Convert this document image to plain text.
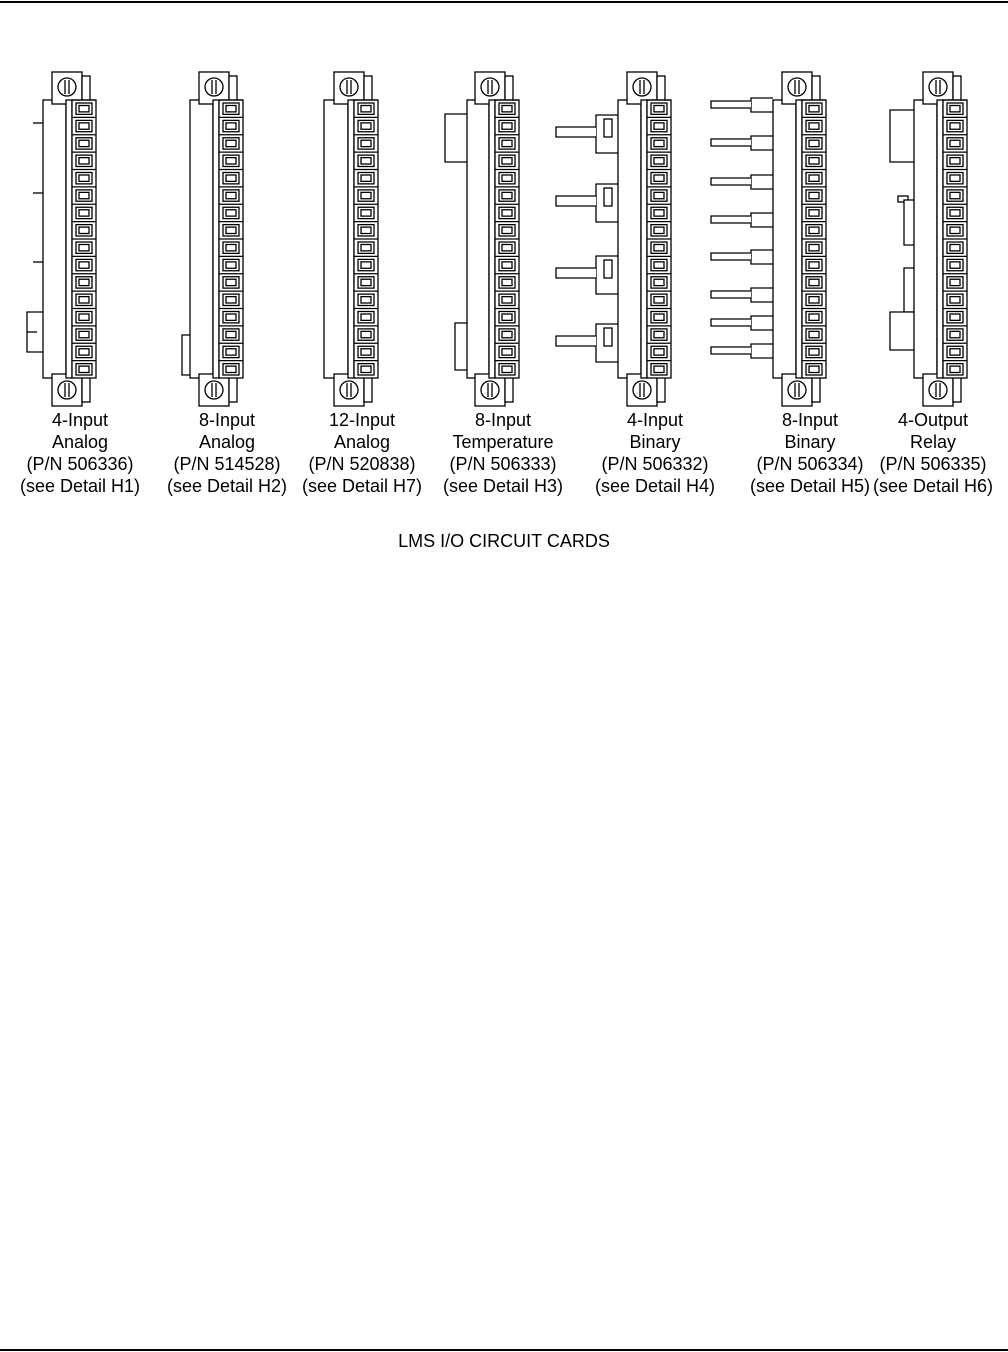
4-Input
Analog
(P/N 506336)
(see Detail H1)
8-Input
Analog
(P/N 514528)
(see Detail H2)
12-Input
Analog
(P/N 520838)
(see Detail H7)
8-Input
Temperature
(P/N 506333)
(see Detail H3)
4-Input
Binary
(P/N 506332)
(see Detail H4)
8-Input
Binary
(P/N 506334)
(see Detail H5)
4-Output
Relay
(P/N 506335)
(see Detail H6)
LMS I/O CIRCUIT CARDS
